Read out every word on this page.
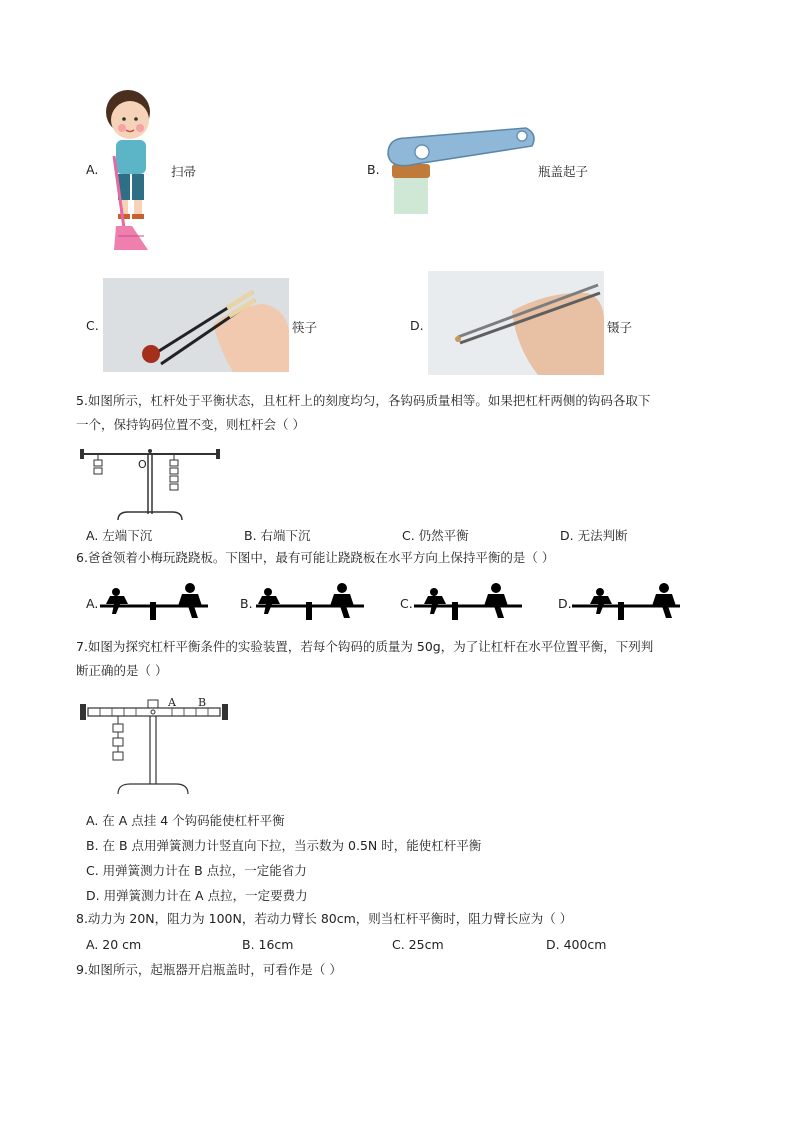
A.	扫帚	B.	瓶盖起子
C.	筷子	D.	镊子
5.如图所示，杠杆处于平衡状态，且杠杆上的刻度均匀，各钩码质量相等。如果把杠杆两侧的钩码各取下
一个，保持钩码位置不变，则杠杆会（ ）
O
A. 左端下沉	B. 右端下沉	C. 仍然平衡	D. 无法判断
6.爸爸领着小梅玩跷跷板。下图中，最有可能让跷跷板在水平方向上保持平衡的是（ ）
A.	B.	C.	D.
7.如图为探究杠杆平衡条件的实验装置，若每个钩码的质量为 50g，为了让杠杆在水平位置平衡，下列判
断正确的是（ ）
A B
A. 在 A 点挂 4 个钩码能使杠杆平衡
B. 在 B 点用弹簧测力计竖直向下拉，当示数为 0.5N 时，能使杠杆平衡
C. 用弹簧测力计在 B 点拉，一定能省力
D. 用弹簧测力计在 A 点拉，一定要费力
8.动力为 20N，阻力为 100N，若动力臂长 80cm，则当杠杆平衡时，阻力臂长应为（ ）
A. 20 cm	B. 16cm	C. 25cm	D. 400cm
9.如图所示，起瓶器开启瓶盖时，可看作是（ ）
